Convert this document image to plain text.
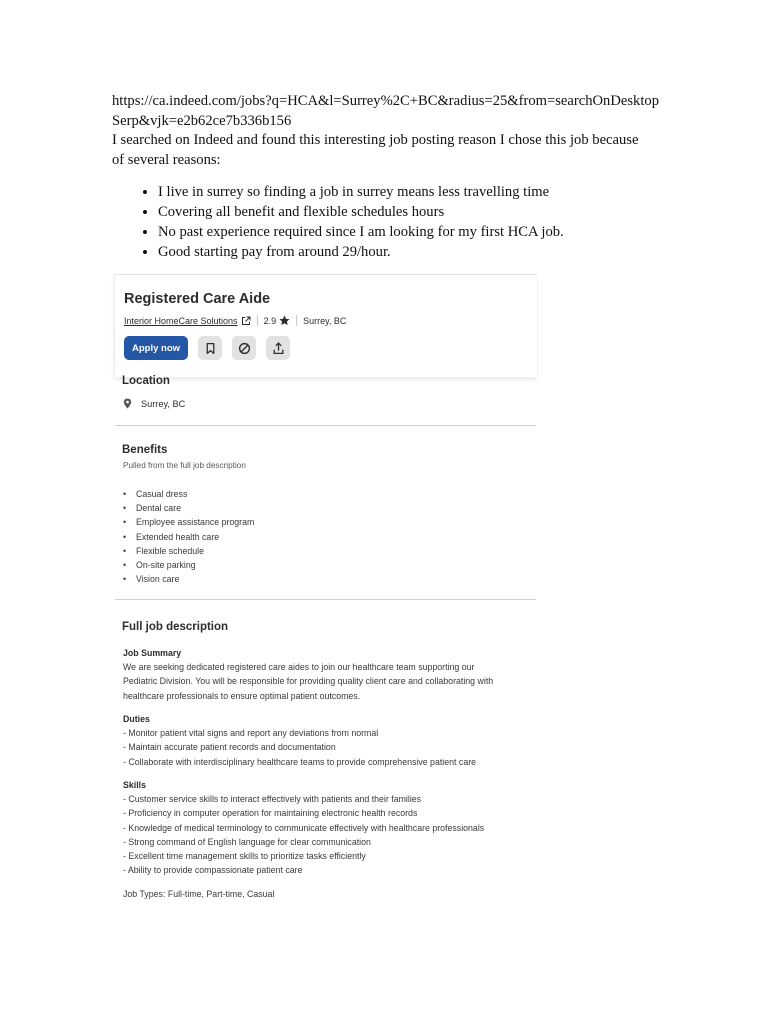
https://ca.indeed.com/jobs?q=HCA&l=Surrey%2C+BC&radius=25&from=searchOnDesktop

Serp&vjk=e2b62ce7b336b156

I searched on Indeed and found this interesting job posting reason I chose this job because

of several reasons:

• I live in surrey so finding a job in surrey means less travelling time
• Covering all benefit and flexible schedules hours
• No past experience required since I am looking for my first HCA job.
• Good starting pay from around 29/hour.
Registered Care Aide
Interior HomeCare Solutions	2.9	Surrey, BC
Apply now
Location
Surrey, BC
Benefits
Pulled from the full job description
• Casual dress
• Dental care
• Employee assistance program
• Extended health care
• Flexible schedule
• On-site parking
• Vision care
Full job description
Job Summary
We are seeking dedicated registered care aides to join our healthcare team supporting our
Pediatric Division. You will be responsible for providing quality client care and collaborating with
healthcare professionals to ensure optimal patient outcomes.
Duties
- Monitor patient vital signs and report any deviations from normal
- Maintain accurate patient records and documentation
- Collaborate with interdisciplinary healthcare teams to provide comprehensive patient care
Skills
- Customer service skills to interact effectively with patients and their families
- Proficiency in computer operation for maintaining electronic health records
- Knowledge of medical terminology to communicate effectively with healthcare professionals
- Strong command of English language for clear communication
- Excellent time management skills to prioritize tasks efficiently
- Ability to provide compassionate patient care
Job Types: Full-time, Part-time, Casual
